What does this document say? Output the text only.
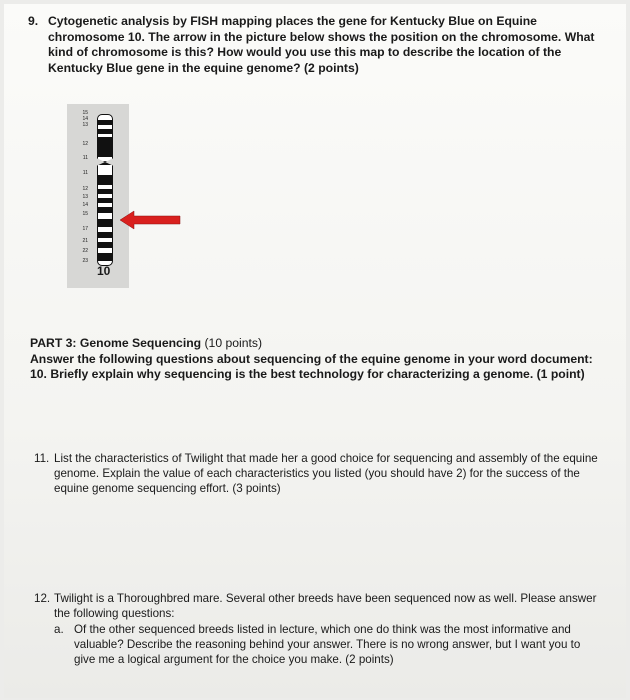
9. Cytogenetic analysis by FISH mapping places the gene for Kentucky Blue on Equine chromosome 10. The arrow in the picture below shows the position on the chromosome. What kind of chromosome is this? How would you use this map to describe the location of the Kentucky Blue gene in the equine genome? (2 points)
15
14
13
12
11
11
12
13
14
15
17
21
22
23
10
PART 3: Genome Sequencing (10 points)
Answer the following questions about sequencing of the equine genome in your word document:
10. Briefly explain why sequencing is the best technology for characterizing a genome. (1 point)
11. List the characteristics of Twilight that made her a good choice for sequencing and assembly of the equine genome. Explain the value of each characteristics you listed (you should have 2) for the success of the equine genome sequencing effort. (3 points)
12. Twilight is a Thoroughbred mare. Several other breeds have been sequenced now as well. Please answer the following questions:
a. Of the other sequenced breeds listed in lecture, which one do think was the most informative and valuable? Describe the reasoning behind your answer. There is no wrong answer, but I want you to give me a logical argument for the choice you make. (2 points)
